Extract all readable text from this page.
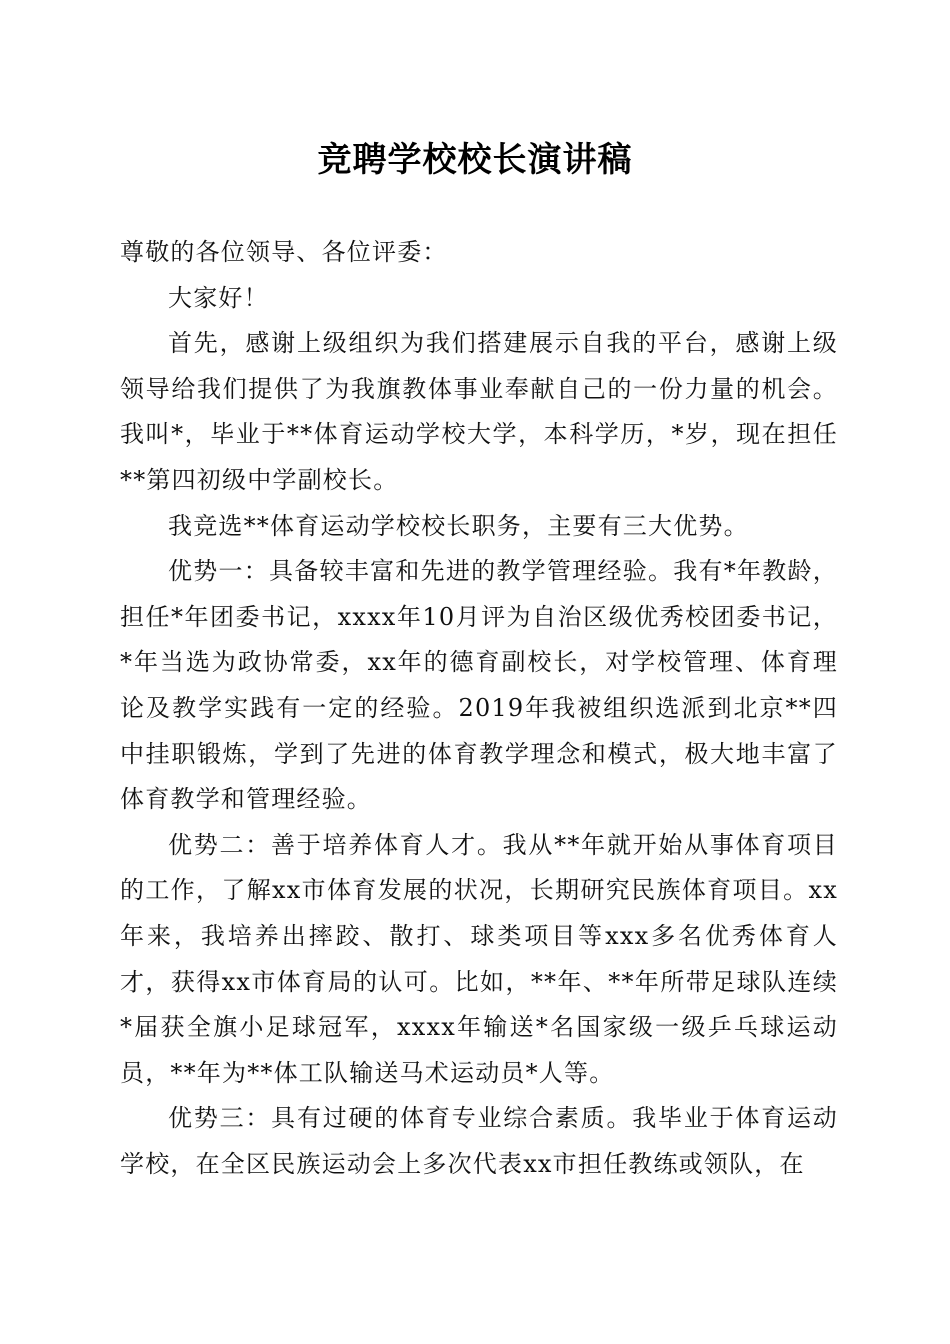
竞聘学校校长演讲稿

尊敬的各位领导、各位评委：

大家好！

首先，感谢上级组织为我们搭建展示自我的平台，感谢上级领导给我们提供了为我旗教体事业奉献自己的一份力量的机会。我叫*，毕业于**体育运动学校大学，本科学历，*岁，现在担任**第四初级中学副校长。

我竞选**体育运动学校校长职务，主要有三大优势。

优势一：具备较丰富和先进的教学管理经验。我有*年教龄，担任*年团委书记，xxxx年10月评为自治区级优秀校团委书记，*年当选为政协常委，xx年的德育副校长，对学校管理、体育理论及教学实践有一定的经验。2019年我被组织选派到北京**四中挂职锻炼，学到了先进的体育教学理念和模式，极大地丰富了体育教学和管理经验。

优势二：善于培养体育人才。我从**年就开始从事体育项目的工作，了解xx市体育发展的状况，长期研究民族体育项目。xx年来，我培养出摔跤、散打、球类项目等xxx多名优秀体育人才，获得xx市体育局的认可。比如，**年、**年所带足球队连续*届获全旗小足球冠军，xxxx年输送*名国家级一级乒乓球运动员，**年为**体工队输送马术运动员*人等。

优势三：具有过硬的体育专业综合素质。我毕业于体育运动学校，在全区民族运动会上多次代表xx市担任教练或领队，在
